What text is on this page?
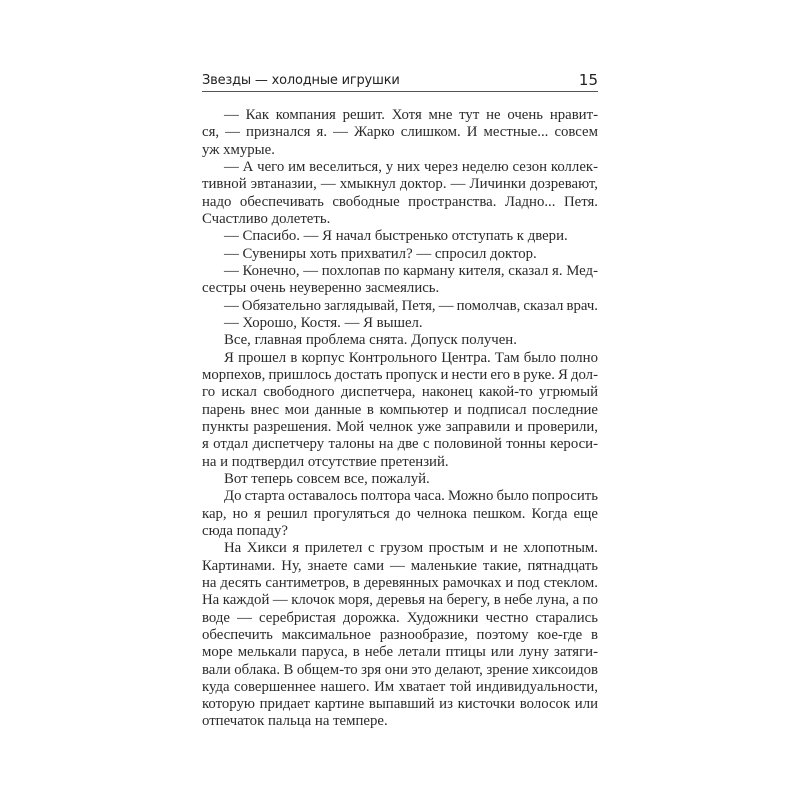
Звезды — холодные игрушки	15
— Как компания решит. Хотя мне тут не очень нравит-
ся, — признался я. — Жарко слишком. И местные... совсем
уж хмурые.
— А чего им веселиться, у них через неделю сезон коллек-
тивной эвтаназии, — хмыкнул доктор. — Личинки дозревают,
надо обеспечивать свободные пространства. Ладно... Петя.
Счастливо долететь.
— Спасибо. — Я начал быстренько отступать к двери.
— Сувениры хоть прихватил? — спросил доктор.
— Конечно, — похлопав по карману кителя, сказал я. Мед-
сестры очень неуверенно засмеялись.
— Обязательно заглядывай, Петя, — помолчав, сказал врач.
— Хорошо, Костя. — Я вышел.
Все, главная проблема снята. Допуск получен.
Я прошел в корпус Контрольного Центра. Там было полно
морпехов, пришлось достать пропуск и нести его в руке. Я дол-
го искал свободного диспетчера, наконец какой-то угрюмый
парень внес мои данные в компьютер и подписал последние
пункты разрешения. Мой челнок уже заправили и проверили,
я отдал диспетчеру талоны на две с половиной тонны кероси-
на и подтвердил отсутствие претензий.
Вот теперь совсем все, пожалуй.
До старта оставалось полтора часа. Можно было попросить
кар, но я решил прогуляться до челнока пешком. Когда еще
сюда попаду?
На Хикси я прилетел с грузом простым и не хлопотным.
Картинами. Ну, знаете сами — маленькие такие, пятнадцать
на десять сантиметров, в деревянных рамочках и под стеклом.
На каждой — клочок моря, деревья на берегу, в небе луна, а по
воде — серебристая дорожка. Художники честно старались
обеспечить максимальное разнообразие, поэтому кое-где в
море мелькали паруса, в небе летали птицы или луну затяги-
вали облака. В общем-то зря они это делают, зрение хиксоидов
куда совершеннее нашего. Им хватает той индивидуальности,
которую придает картине выпавший из кисточки волосок или
отпечаток пальца на темпере.
